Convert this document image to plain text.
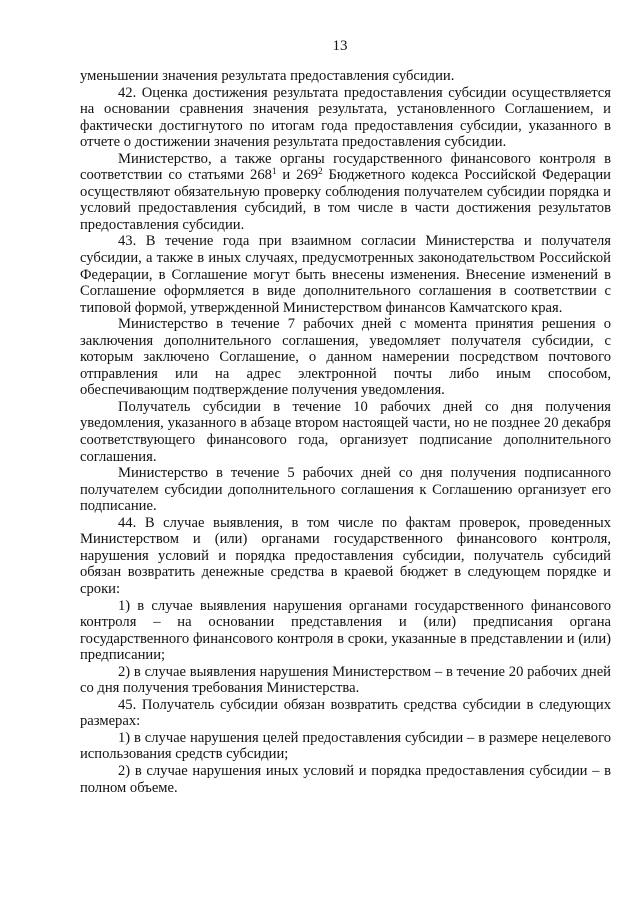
13

уменьшении значения результата предоставления субсидии.

42. Оценка достижения результата предоставления субсидии осуществляется на основании сравнения значения результата, установленного Соглашением, и фактически достигнутого по итогам года предоставления субсидии, указанного в отчете о достижении значения результата предоставления субсидии.

Министерство, а также органы государственного финансового контроля в соответствии со статьями $268^1$ и $269^2$ Бюджетного кодекса Российской Федерации осуществляют обязательную проверку соблюдения получателем субсидии порядка и условий предоставления субсидий, в том числе в части достижения результатов предоставления субсидии.

43. В течение года при взаимном согласии Министерства и получателя субсидии, а также в иных случаях, предусмотренных законодательством Российской Федерации, в Соглашение могут быть внесены изменения. Внесение изменений в Соглашение оформляется в виде дополнительного соглашения в соответствии с типовой формой, утвержденной Министерством финансов Камчатского края.

Министерство в течение 7 рабочих дней с момента принятия решения о заключения дополнительного соглашения, уведомляет получателя субсидии, с которым заключено Соглашение, о данном намерении посредством почтового отправления или на адрес электронной почты либо иным способом, обеспечивающим подтверждение получения уведомления.

Получатель субсидии в течение 10 рабочих дней со дня получения уведомления, указанного в абзаце втором настоящей части, но не позднее 20 декабря соответствующего финансового года, организует подписание дополнительного соглашения.

Министерство в течение 5 рабочих дней со дня получения подписанного получателем субсидии дополнительного соглашения к Соглашению организует его подписание.

44. В случае выявления, в том числе по фактам проверок, проведенных Министерством и (или) органами государственного финансового контроля, нарушения условий и порядка предоставления субсидии, получатель субсидий обязан возвратить денежные средства в краевой бюджет в следующем порядке и сроки:

1) в случае выявления нарушения органами государственного финансового контроля – на основании представления и (или) предписания органа государственного финансового контроля в сроки, указанные в представлении и (или) предписании;

2) в случае выявления нарушения Министерством – в течение 20 рабочих дней со дня получения требования Министерства.

45. Получатель субсидии обязан возвратить средства субсидии в следующих размерах:

1) в случае нарушения целей предоставления субсидии – в размере нецелевого использования средств субсидии;

2) в случае нарушения иных условий и порядка предоставления субсидии – в полном объеме.
